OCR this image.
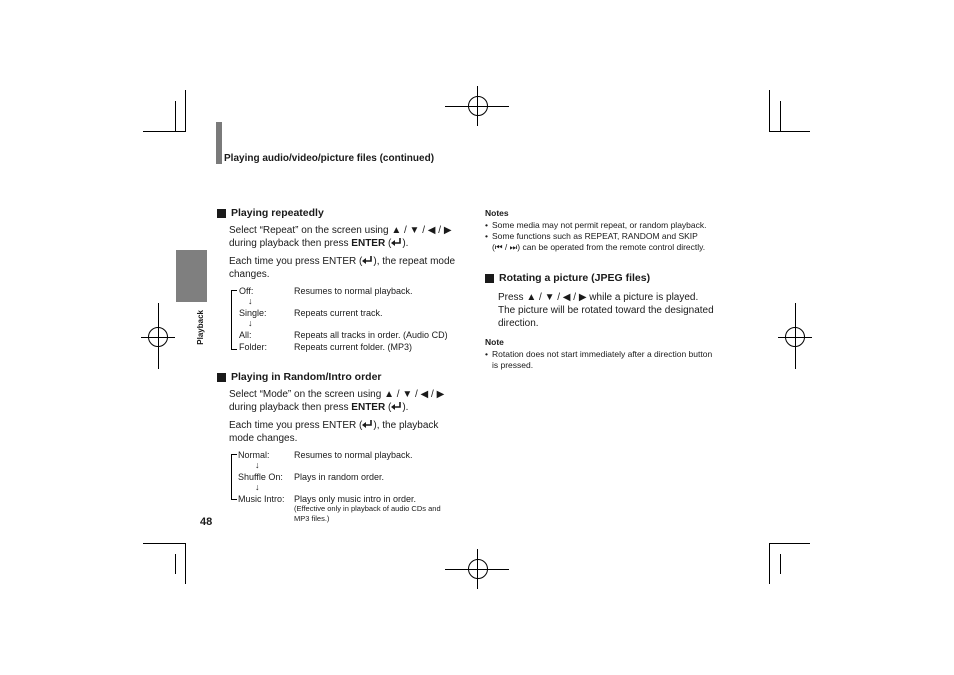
Playing audio/video/picture files (continued)
Playback
48
Playing repeatedly
Select “Repeat” on the screen using ▲ / ▼ / ◀ / ▶
during playback then press ENTER ( ).
Each time you press ENTER ( ), the repeat mode
changes.
Off:	Resumes to normal playback.
↓
Single:	Repeats current track.
↓
All:	Repeats all tracks in order. (Audio CD)
Folder:	Repeats current folder. (MP3)
Playing in Random/Intro order
Select “Mode” on the screen using ▲ / ▼ / ◀ / ▶
during playback then press ENTER ( ).
Each time you press ENTER ( ), the playback
mode changes.
Normal:	Resumes to normal playback.
↓
Shuffle On: Plays in random order.
↓
Music Intro: Plays only music intro in order.
(Effective only in playback of audio CDs and
MP3 files.)
Notes
• Some media may not permit repeat, or random playback.
• Some functions such as REPEAT, RANDOM and SKIP
(⏮ / ⏭) can be operated from the remote control directly.
Rotating a picture (JPEG files)
Press ▲ / ▼ / ◀ / ▶ while a picture is played.
The picture will be rotated toward the designated
direction.
Note
• Rotation does not start immediately after a direction button
is pressed.
